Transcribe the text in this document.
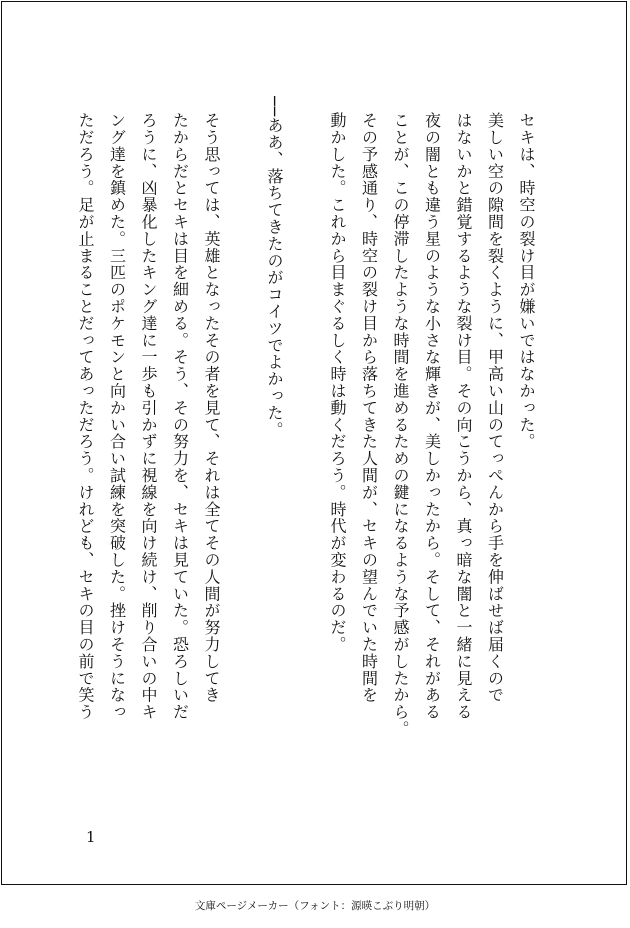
セキは、時空の裂け目が嫌いではなかった。

美しい空の隙間を裂くように、甲高い山のてっぺんから手を伸ばせば届くので

はないかと錯覚するような裂け目。その向こうから、真っ暗な闇と一緒に見える

夜の闇とも違う星のような小さな輝きが、美しかったから。そして、それがある

ことが、この停滞したような時間を進めるための鍵になるような予感がしたから。

その予感通り、時空の裂け目から落ちてきた人間が、セキの望んでいた時間を

動かした。これから目まぐるしく時は動くだろう。時代が変わるのだ。

──ああ、落ちてきたのがコイツでよかった。

そう思っては、英雄となったその者を見て、それは全てその人間が努力してき

たからだとセキは目を細める。そう、その努力を、セキは見ていた。恐ろしいだ

ろうに、凶暴化したキング達に一歩も引かずに視線を向け続け、削り合いの中キ

ング達を鎮めた。三匹のポケモンと向かい合い試練を突破した。挫けそうになっ

ただろう。足が止まることだってあっただろう。けれども、セキの目の前で笑う

1
文庫ページメーカー（フォント：源暎こぶり明朝）
